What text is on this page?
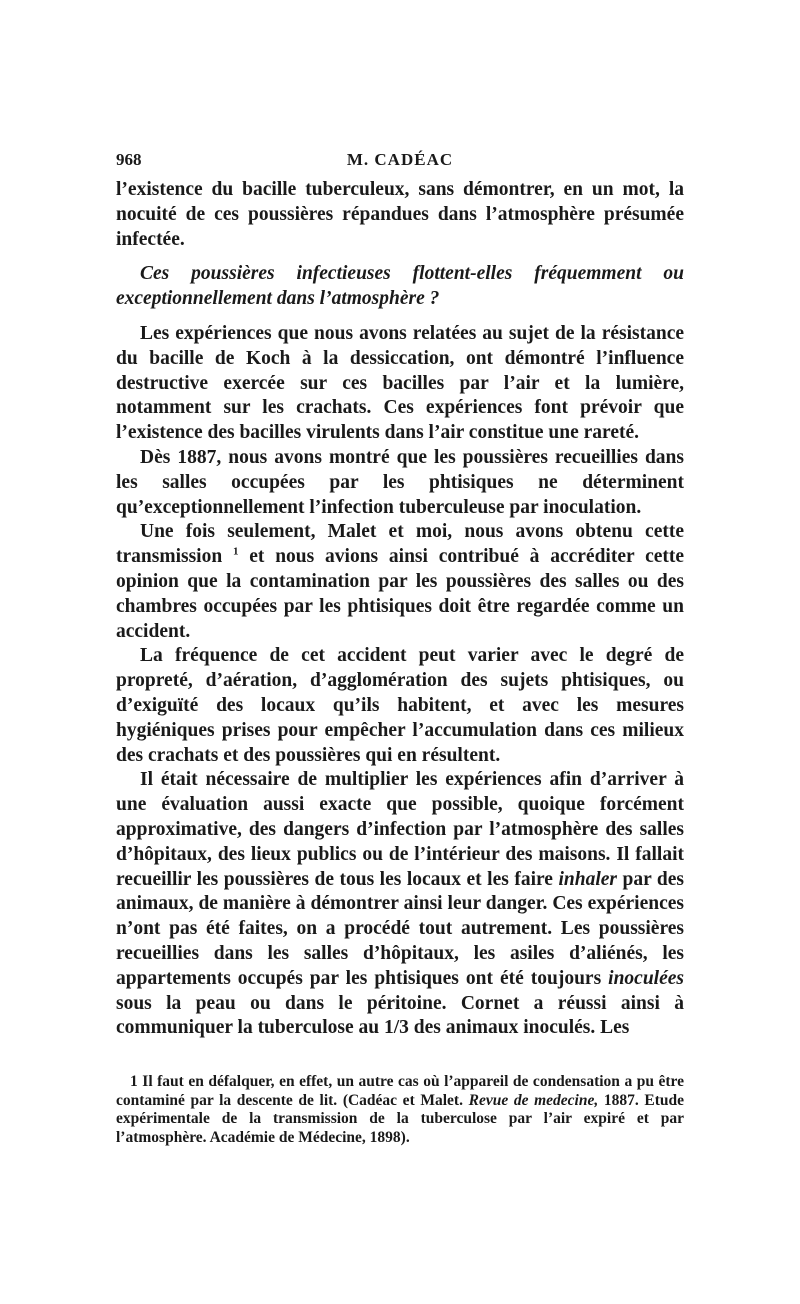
968	M. CADÉAC

l’existence du bacille tuberculeux, sans démontrer, en un mot, la nocuité de ces poussières répandues dans l’atmosphère présumée infectée.

Ces poussières infectieuses flottent-elles fréquemment ou exceptionnellement dans l’atmosphère ?

Les expériences que nous avons relatées au sujet de la résistance du bacille de Koch à la dessiccation, ont démontré l’influence destructive exercée sur ces bacilles par l’air et la lumière, notamment sur les crachats. Ces expériences font prévoir que l’existence des bacilles virulents dans l’air constitue une rareté.

Dès 1887, nous avons montré que les poussières recueillies dans les salles occupées par les phtisiques ne déterminent qu’exceptionnellement l’infection tuberculeuse par inoculation.

Une fois seulement, Malet et moi, nous avons obtenu cette transmission $^1$ et nous avions ainsi contribué à accréditer cette opinion que la contamination par les poussières des salles ou des chambres occupées par les phtisiques doit être regardée comme un accident.

La fréquence de cet accident peut varier avec le degré de propreté, d’aération, d’agglomération des sujets phtisiques, ou d’exiguïté des locaux qu’ils habitent, et avec les mesures hygiéniques prises pour empêcher l’accumulation dans ces milieux des crachats et des poussières qui en résultent.

Il était nécessaire de multiplier les expériences afin d’arriver à une évaluation aussi exacte que possible, quoique forcément approximative, des dangers d’infection par l’atmosphère des salles d’hôpitaux, des lieux publics ou de l’intérieur des maisons. Il fallait recueillir les poussières de tous les locaux et les faire inhaler par des animaux, de manière à démontrer ainsi leur danger. Ces expériences n’ont pas été faites, on a procédé tout autrement. Les poussières recueillies dans les salles d’hôpitaux, les asiles d’aliénés, les appartements occupés par les phtisiques ont été toujours inoculées sous la peau ou dans le péritoine. Cornet a réussi ainsi à communiquer la tuberculose au 1/3 des animaux inoculés. Les

1 Il faut en défalquer, en effet, un autre cas où l’appareil de condensation a pu être contaminé par la descente de lit. (Cadéac et Malet. Revue de medecine, 1887. Etude expérimentale de la transmission de la tuberculose par l’air expiré et par l’atmosphère. Académie de Médecine, 1898).
